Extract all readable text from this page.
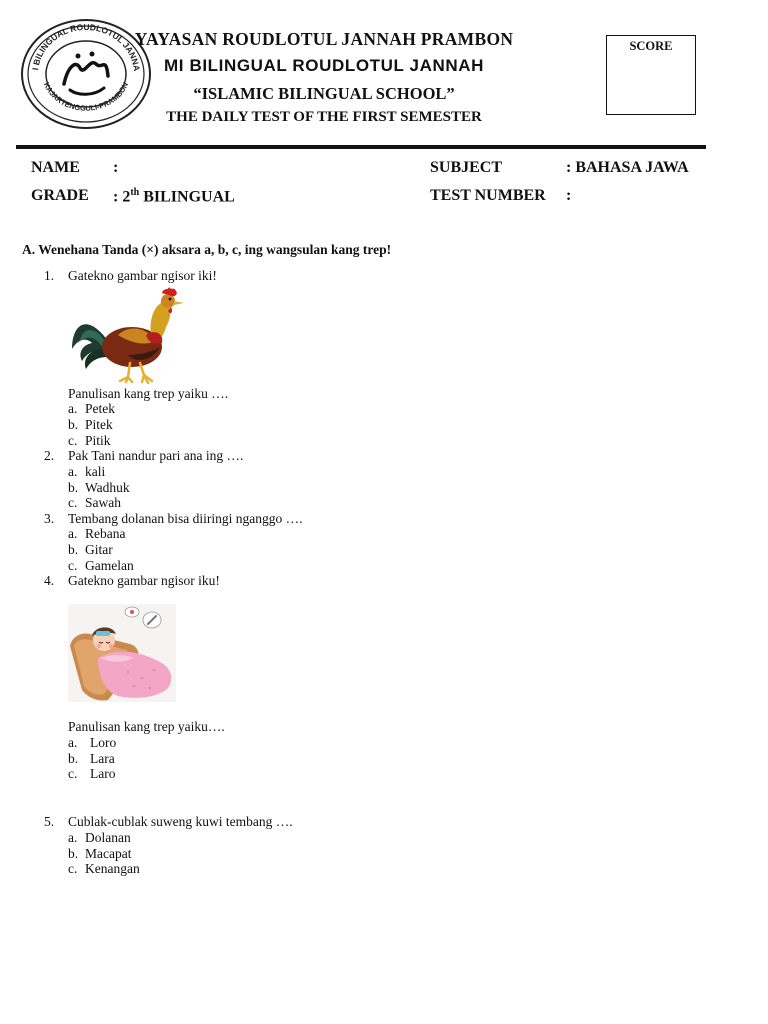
I BILINGUAL ROUDLOTUL JANNA
KAJARTENGGULI-PRAMBON
YAYASAN ROUDLOTUL JANNAH PRAMBON
MI BILINGUAL ROUDLOTUL JANNAH
“ISLAMIC BILINGUAL SCHOOL”
THE DAILY TEST OF THE FIRST SEMESTER
SCORE
NAME :	SUBJECT	: BAHASA JAWA
GRADE : 2th BILINGUAL	TEST NUMBER :
A. Wenehana Tanda (×) aksara a, b, c, ing wangsulan kang trep!
1. Gatekno gambar ngisor iki!
Panulisan kang trep yaiku ….
a. Petek
b. Pitek
c. Pitik
2. Pak Tani nandur pari ana ing ….
a. kali
b. Wadhuk
c. Sawah
3. Tembang dolanan bisa diiringi nganggo ….
a. Rebana
b. Gitar
c. Gamelan
4. Gatekno gambar ngisor iku!
Panulisan kang trep yaiku….
a. Loro
b. Lara
c. Laro
5. Cublak-cublak suweng kuwi tembang ….
a. Dolanan
b. Macapat
c. Kenangan
